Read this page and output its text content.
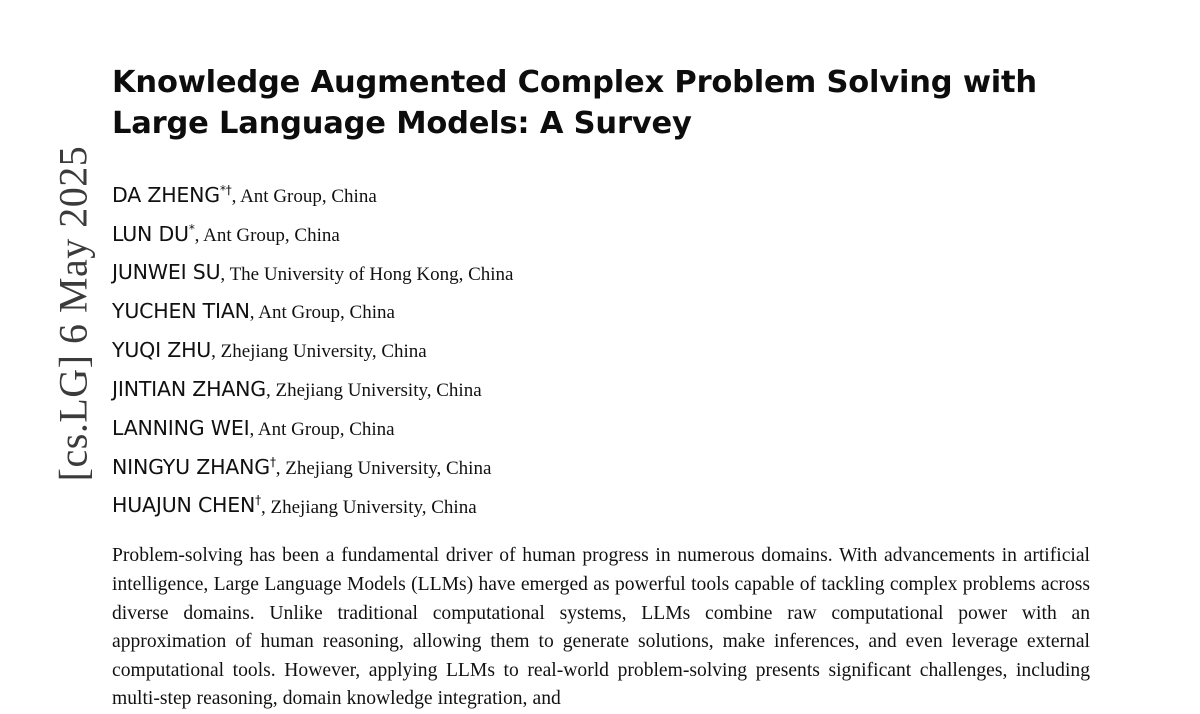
[cs.LG] 6 May 2025
Knowledge Augmented Complex Problem Solving with Large Language Models: A Survey
DA ZHENG*†, Ant Group, China
LUN DU*, Ant Group, China
JUNWEI SU, The University of Hong Kong, China
YUCHEN TIAN, Ant Group, China
YUQI ZHU, Zhejiang University, China
JINTIAN ZHANG, Zhejiang University, China
LANNING WEI, Ant Group, China
NINGYU ZHANG†, Zhejiang University, China
HUAJUN CHEN†, Zhejiang University, China
Problem-solving has been a fundamental driver of human progress in numerous domains. With advancements in artificial intelligence, Large Language Models (LLMs) have emerged as powerful tools capable of tackling complex problems across diverse domains. Unlike traditional computational systems, LLMs combine raw computational power with an approximation of human reasoning, allowing them to generate solutions, make inferences, and even leverage external computational tools. However, applying LLMs to real-world problem-solving presents significant challenges, including multi-step reasoning, domain knowledge integration, and
